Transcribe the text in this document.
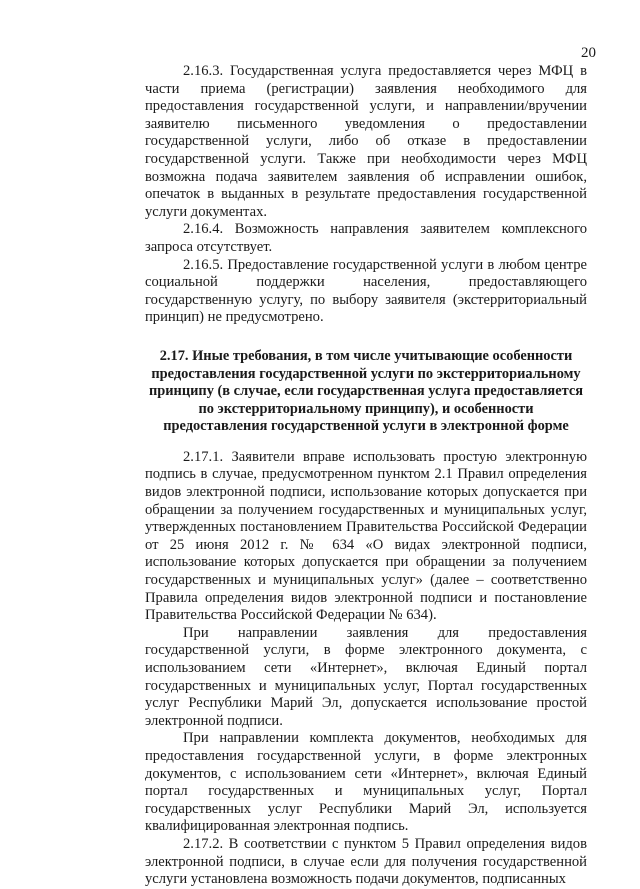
20

2.16.3. Государственная услуга предоставляется через МФЦ в части приема (регистрации) заявления необходимого для предоставления государственной услуги, и направлении/вручении заявителю письменного уведомления о предоставлении государственной услуги, либо об отказе в предоставлении государственной услуги. Также при необходимости через МФЦ возможна подача заявителем заявления об исправлении ошибок, опечаток в выданных в результате предоставления государственной услуги документах.

2.16.4. Возможность направления заявителем комплексного запроса отсутствует.

2.16.5. Предоставление государственной услуги в любом центре социальной поддержки населения, предоставляющего государственную услугу, по выбору заявителя (экстерриториальный принцип) не предусмотрено.

2.17. Иные требования, в том числе учитывающие особенности предоставления государственной услуги по экстерриториальному принципу (в случае, если государственная услуга предоставляется по экстерриториальному принципу), и особенности предоставления государственной услуги в электронной форме

2.17.1. Заявители вправе использовать простую электронную подпись в случае, предусмотренном пунктом 2.1 Правил определения видов электронной подписи, использование которых допускается при обращении за получением государственных и муниципальных услуг, утвержденных постановлением Правительства Российской Федерации от 25 июня 2012 г. № 634 «О видах электронной подписи, использование которых допускается при обращении за получением государственных и муниципальных услуг» (далее – соответственно Правила определения видов электронной подписи и постановление Правительства Российской Федерации № 634).

При направлении заявления для предоставления государственной услуги, в форме электронного документа, с использованием сети «Интернет», включая Единый портал государственных и муниципальных услуг, Портал государственных услуг Республики Марий Эл, допускается использование простой электронной подписи.

При направлении комплекта документов, необходимых для предоставления государственной услуги, в форме электронных документов, с использованием сети «Интернет», включая Единый портал государственных и муниципальных услуг, Портал государственных услуг Республики Марий Эл, используется квалифицированная электронная подпись.

2.17.2. В соответствии с пунктом 5 Правил определения видов электронной подписи, в случае если для получения государственной услуги установлена возможность подачи документов, подписанных
